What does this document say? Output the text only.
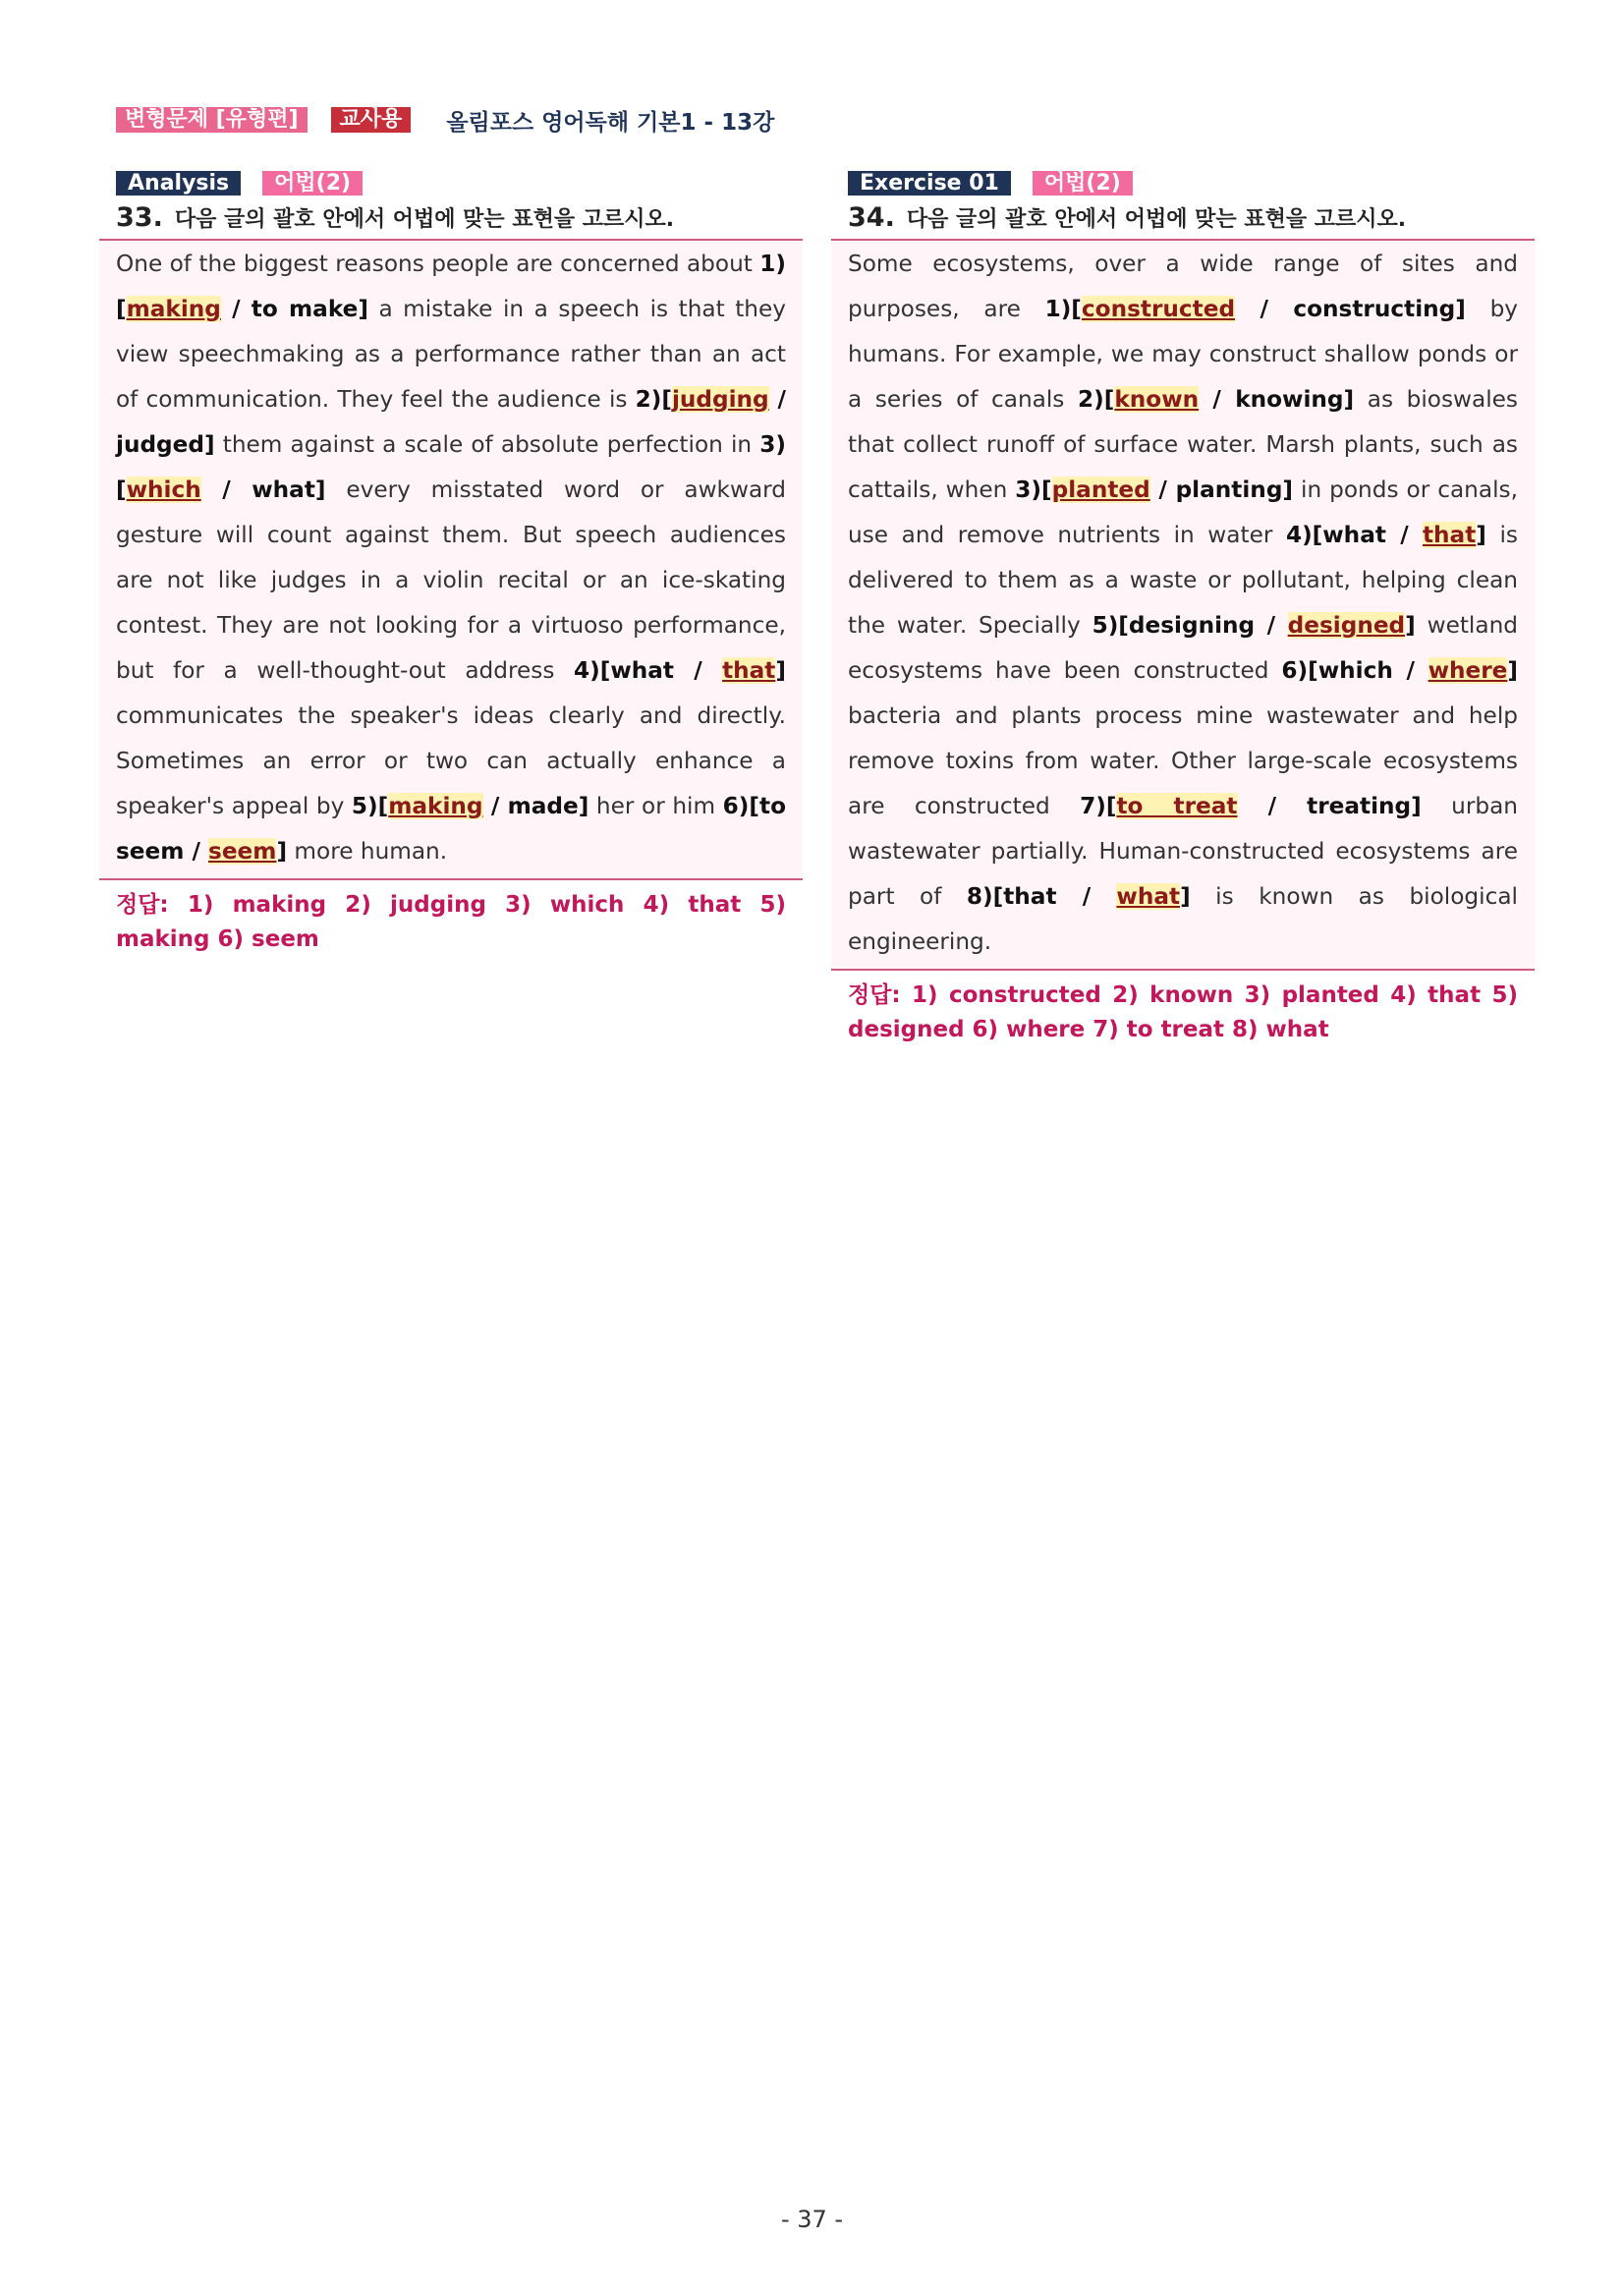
변형문제 [유형편]	교사용	올림포스 영어독해 기본1 - 13강
Analysis	어법(2)
33. 다음 글의 괄호 안에서 어법에 맞는 표현을 고르시오.
One of the biggest reasons people are concerned about 1)[making / to make] a mistake in a speech is that they view speechmaking as a performance rather than an act of communication. They feel the audience is 2)[judging / judged] them against a scale of absolute perfection in 3)[which / what] every misstated word or awkward gesture will count against them. But speech audiences are not like judges in a violin recital or an ice-skating contest. They are not looking for a virtuoso performance, but for a well-thought-out address 4)[what / that] communicates the speaker's ideas clearly and directly. Sometimes an error or two can actually enhance a speaker's appeal by 5)[making / made] her or him 6)[to seem / seem] more human.
정답: 1) making 2) judging 3) which 4) that 5) making 6) seem
Exercise 01	어법(2)
34. 다음 글의 괄호 안에서 어법에 맞는 표현을 고르시오.
Some ecosystems, over a wide range of sites and purposes, are 1)[constructed / constructing] by humans. For example, we may construct shallow ponds or a series of canals 2)[known / knowing] as bioswales that collect runoff of surface water. Marsh plants, such as cattails, when 3)[planted / planting] in ponds or canals, use and remove nutrients in water 4)[what / that] is delivered to them as a waste or pollutant, helping clean the water. Specially 5)[designing / designed] wetland ecosystems have been constructed 6)[which / where] bacteria and plants process mine wastewater and help remove toxins from water. Other large-scale ecosystems are constructed 7)[to treat / treating] urban wastewater partially. Human-constructed ecosystems are part of 8)[that / what] is known as biological engineering.
정답: 1) constructed 2) known 3) planted 4) that 5) designed 6) where 7) to treat 8) what
- 37 -
